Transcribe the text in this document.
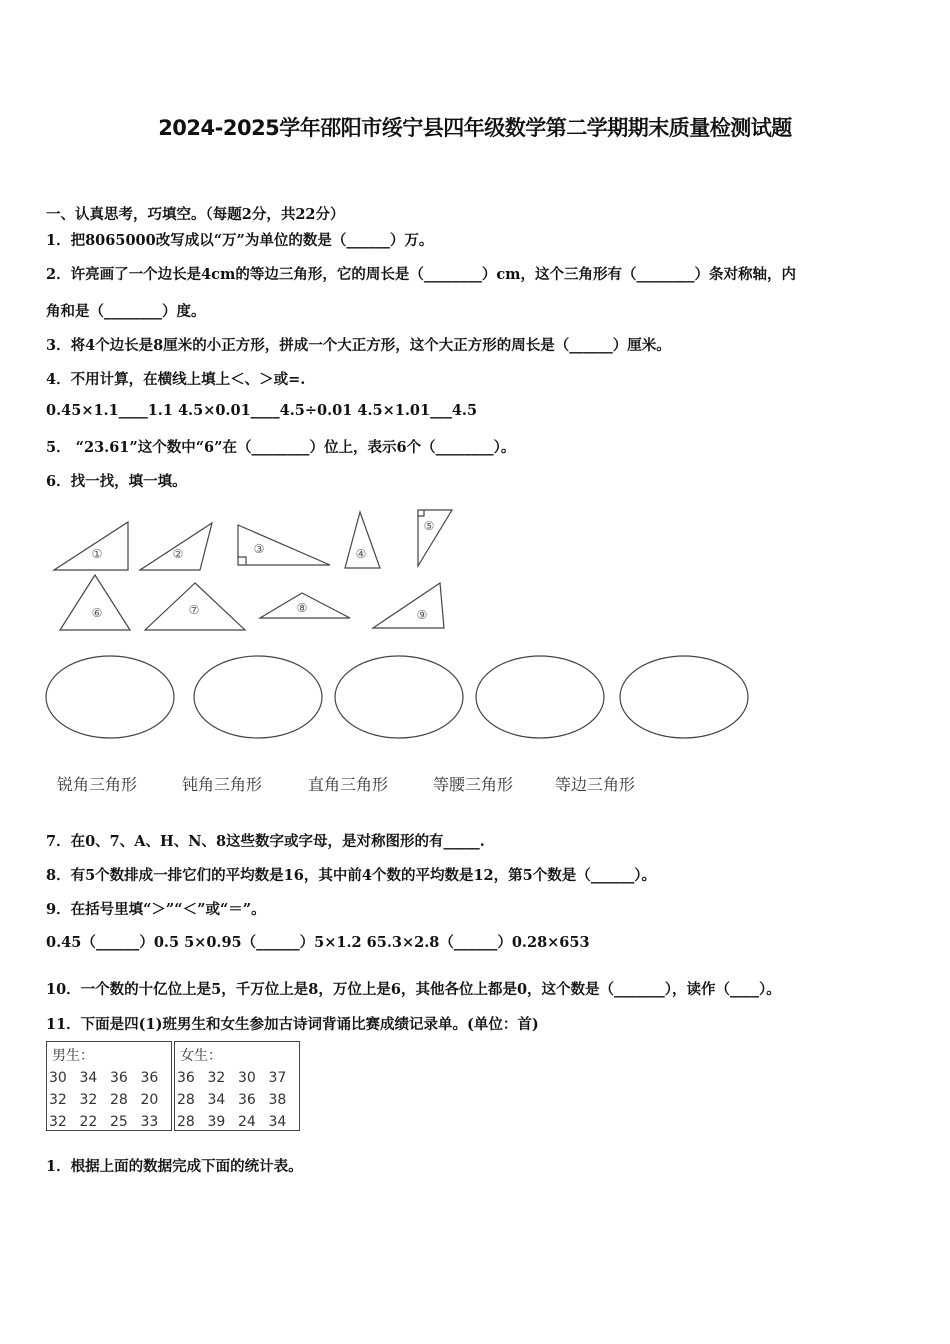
2024-2025学年邵阳市绥宁县四年级数学第二学期期末质量检测试题
一、认真思考，巧填空。（每题2分，共22分）
1．把8065000改写成以“万”为单位的数是（______）万。
2．许亮画了一个边长是4cm的等边三角形，它的周长是（________）cm，这个三角形有（________）条对称轴，内
角和是（________）度。
3．将4个边长是8厘米的小正方形，拼成一个大正方形，这个大正方形的周长是（______）厘米。
4．不用计算，在横线上填上＜、＞或=.
0.45×1.1____1.1 4.5×0.01____4.5÷0.01 4.5×1.01___4.5
5． “23.61”这个数中“6”在（________）位上，表示6个（________）。
6．找一找，填一填。
①	②	③	④
⑤
⑥	⑦	⑧	⑨
锐角三角形	钝角三角形	直角三角形	等腰三角形	等边三角形
7．在0、7、A、H、N、8这些数字或字母，是对称图形的有_____.
8．有5个数排成一排它们的平均数是16，其中前4个数的平均数是12，第5个数是（______）。
9．在括号里填“＞”“＜”或“＝”。
0.45（______）0.5 5×0.95（______）5×1.2 65.3×2.8（______）0.28×653
10．一个数的十亿位上是5，千万位上是8，万位上是6，其他各位上都是0，这个数是（_______），读作（____）。
11．下面是四(1)班男生和女生参加古诗词背诵比赛成绩记录单。(单位：首)
男生：	女生：
30 34 36 36
32 32 28 20
32 22 25 33
36 32 30 37
28 34 36 38
28 39 24 34
1．根据上面的数据完成下面的统计表。
